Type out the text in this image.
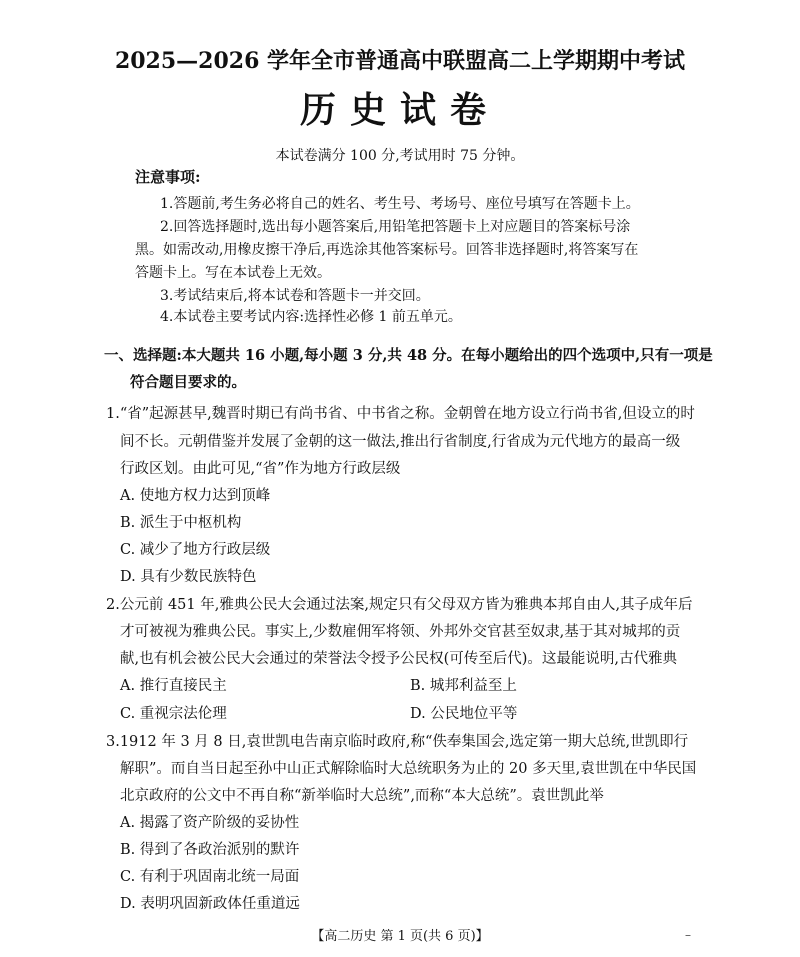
2025—2026 学年全市普通高中联盟高二上学期期中考试
历史试卷
本试卷满分 100 分,考试用时 75 分钟。
注意事项:
1.答题前,考生务必将自己的姓名、考生号、考场号、座位号填写在答题卡上。
2.回答选择题时,选出每小题答案后,用铅笔把答题卡上对应题目的答案标号涂
黑。如需改动,用橡皮擦干净后,再选涂其他答案标号。回答非选择题时,将答案写在
答题卡上。写在本试卷上无效。
3.考试结束后,将本试卷和答题卡一并交回。
4.本试卷主要考试内容:选择性必修 1 前五单元。
一、选择题:本大题共 16 小题,每小题 3 分,共 48 分。在每小题给出的四个选项中,只有一项是
符合题目要求的。
1.“省”起源甚早,魏晋时期已有尚书省、中书省之称。金朝曾在地方设立行尚书省,但设立的时
间不长。元朝借鉴并发展了金朝的这一做法,推出行省制度,行省成为元代地方的最高一级
行政区划。由此可见,“省”作为地方行政层级
A. 使地方权力达到顶峰
B. 派生于中枢机构
C. 减少了地方行政层级
D. 具有少数民族特色
2.公元前 451 年,雅典公民大会通过法案,规定只有父母双方皆为雅典本邦自由人,其子成年后
才可被视为雅典公民。事实上,少数雇佣军将领、外邦外交官甚至奴隶,基于其对城邦的贡
献,也有机会被公民大会通过的荣誉法令授予公民权(可传至后代)。这最能说明,古代雅典
A. 推行直接民主	B. 城邦利益至上
C. 重视宗法伦理	D. 公民地位平等
3.1912 年 3 月 8 日,袁世凯电告南京临时政府,称“佚奉集国会,选定第一期大总统,世凯即行
解职”。而自当日起至孙中山正式解除临时大总统职务为止的 20 多天里,袁世凯在中华民国
北京政府的公文中不再自称“新举临时大总统”,而称“本大总统”。袁世凯此举
A. 揭露了资产阶级的妥协性
B. 得到了各政治派别的默许
C. 有利于巩固南北统一局面
D. 表明巩固新政体任重道远
【高二历史 第 1 页(共 6 页)】	–
